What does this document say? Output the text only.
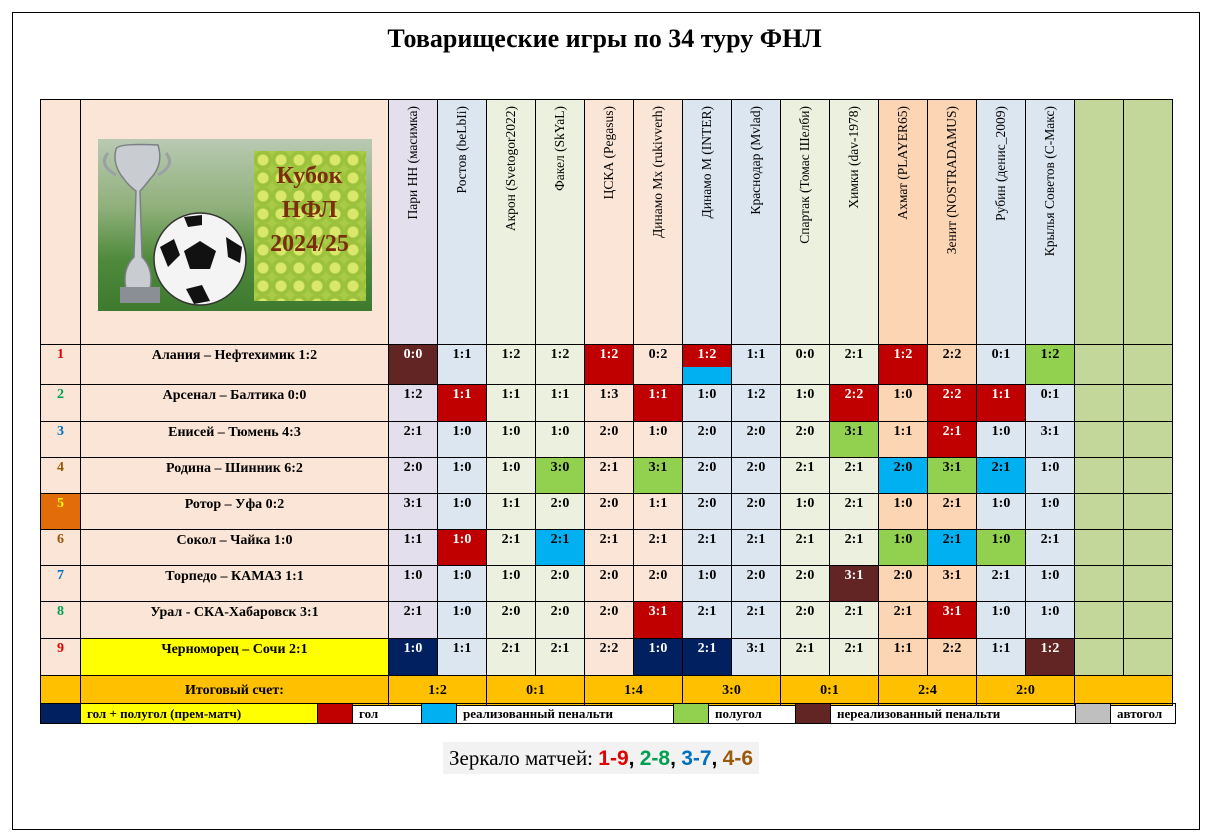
Товарищеские игры по 34 туру ФНЛ

	Кубок
НФЛ
2024/25	Пари НН (масимка)	Ростов (beLbIi)	Акрон (Svetogor2022)	Факел (SkYaL)	ЦСКА (Pegasus)	Динамо Мх (rukivverh)	Динамо М (INTER)	Краснодар (Mvlad)	Спартак (Томас Шелби)	Химки (dav-1978)	Ахмат (PLAYER65)	Зенит (NOSTRADAMUS)	Рубин (денис_2009)	Крылья Советов (С-Макс)		

1	Алания – Нефтехимик 1:2	0:0	1:1	1:2	1:2	1:2	0:2	1:2	1:1	0:0	2:1	1:2	2:2	0:1	1:2		
2	Арсенал – Балтика 0:0	1:2	1:1	1:1	1:1	1:3	1:1	1:0	1:2	1:0	2:2	1:0	2:2	1:1	0:1		
3	Енисей – Тюмень 4:3	2:1	1:0	1:0	1:0	2:0	1:0	2:0	2:0	2:0	3:1	1:1	2:1	1:0	3:1		
4	Родина – Шинник 6:2	2:0	1:0	1:0	3:0	2:1	3:1	2:0	2:0	2:1	2:1	2:0	3:1	2:1	1:0		
5	Ротор – Уфа 0:2	3:1	1:0	1:1	2:0	2:0	1:1	2:0	2:0	1:0	2:1	1:0	2:1	1:0	1:0		
6	Сокол – Чайка 1:0	1:1	1:0	2:1	2:1	2:1	2:1	2:1	2:1	2:1	2:1	1:0	2:1	1:0	2:1		
7	Торпедо – КАМАЗ 1:1	1:0	1:0	1:0	2:0	2:0	2:0	1:0	2:0	2:0	3:1	2:0	3:1	2:1	1:0		
8	Урал - СКА-Хабаровск 3:1	2:1	1:0	2:0	2:0	2:0	3:1	2:1	2:1	2:0	2:1	2:1	3:1	1:0	1:0		
9	Черноморец – Сочи 2:1	1:0	1:1	2:1	2:1	2:2	1:0	2:1	3:1	2:1	2:1	1:1	2:2	1:1	1:2		
	Итоговый счет:	1:2		0:1		1:4		3:0		0:1		2:4		2:0			
	гол + полугол (прем-матч)		гол		реализованный пенальти		полугол		нереализованный пенальти		автогол
Зеркало матчей: 1-9, 2-8, 3-7, 4-6
